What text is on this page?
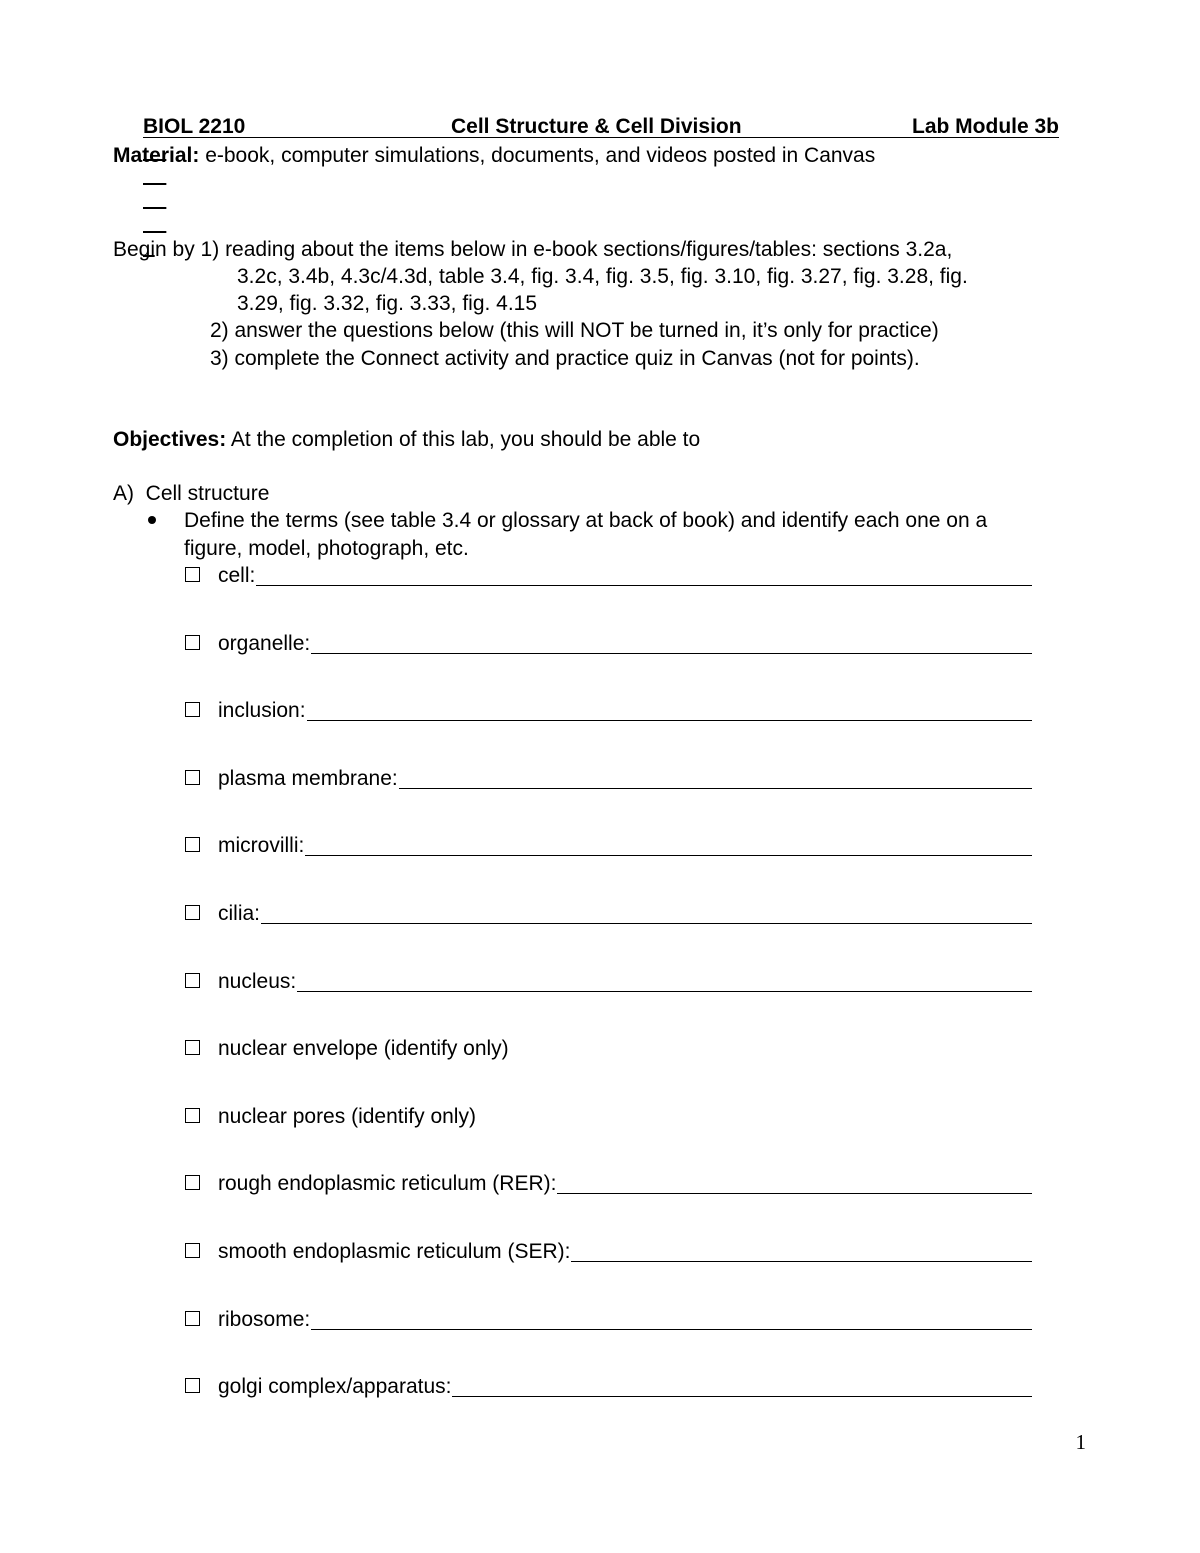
BIOL 2210

	Cell Structure & Cell Division

	Lab Module 3b

Material: e-book, computer simulations, documents, and videos posted in Canvas
Begin by 1) reading about the items below in e-book sections/figures/tables: sections 3.2a,
3.2c, 3.4b, 4.3c/4.3d, table 3.4, fig. 3.4, fig. 3.5, fig. 3.10, fig. 3.27, fig. 3.28, fig.
3.29, fig. 3.32, fig. 3.33, fig. 4.15
2) answer the questions below (this will NOT be turned in, it’s only for practice)
3) complete the Connect activity and practice quiz in Canvas (not for points).
Objectives: At the completion of this lab, you should be able to
A)  Cell structure
Define the terms (see table 3.4 or glossary at back of book) and identify each one on a
figure, model, photograph, etc.
cell:
organelle:
inclusion:
plasma membrane:
microvilli:
cilia:
nucleus:
nuclear envelope (identify only)
nuclear pores (identify only)
rough endoplasmic reticulum (RER):
smooth endoplasmic reticulum (SER):
ribosome:
golgi complex/apparatus:
1
